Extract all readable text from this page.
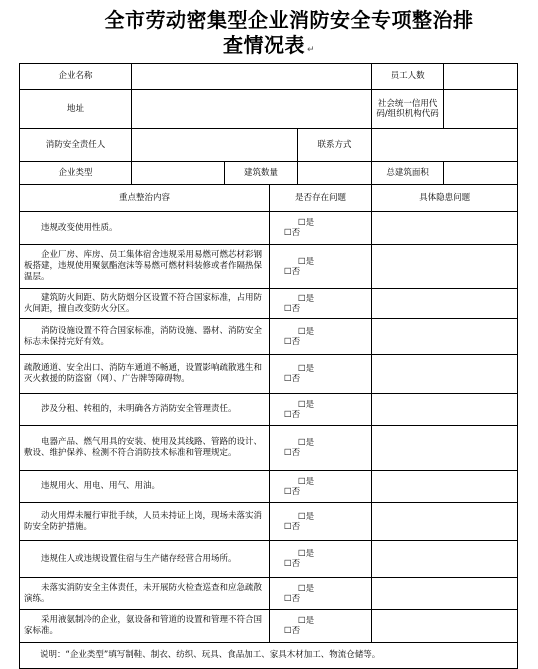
全市劳动密集型企业消防安全专项整治排
查情况表 ↵
企业名称					员工人数	
地址					社会统一信用代码/组织机构代码	
消防安全责任人				联系方式		
企业类型		建筑数量			总建筑面积	
重点整治内容			是否存在问题		具体隐患问题	
违规改变使用性质。			☐是
☐否			

企业厂房、库房、员工集体宿舍违规采用易燃可燃芯材彩钢板搭建，违规使用聚氨酯泡沫等易燃可燃材料装修或者作隔热保温层。			☐是
☐否			

建筑防火间距、防火防烟分区设置不符合国家标准，占用防火间距，擅自改变防火分区。			☐是
☐否			

消防设施设置不符合国家标准，消防设施、器材、消防安全标志未保持完好有效。			☐是
☐否			

疏散通道、安全出口、消防车通道不畅通，设置影响疏散逃生和灭火救援的防盗窗（网）、广告牌等障碍物。			☐是
☐否			

涉及分租、转租的，未明确各方消防安全管理责任。			☐是
☐否			

电器产品、燃气用具的安装、使用及其线路、管路的设计、敷设、维护保养、检测不符合消防技术标准和管理规定。			☐是
☐否			

违规用火、用电、用气、用油。			☐是
☐否			

动火用焊未履行审批手续，人员未持证上岗，现场未落实消防安全防护措施。			☐是
☐否			

违规住人或违规设置住宿与生产储存经营合用场所。			☐是
☐否			

未落实消防安全主体责任，未开展防火检查巡查和应急疏散演练。			☐是
☐否			

采用液氨制冷的企业，氨设备和管道的设置和管理不符合国家标准。			☐是
☐否			

说明：“企业类型”填写制鞋、制衣、纺织、玩具、食品加工、家具木材加工、物流仓储等。						
